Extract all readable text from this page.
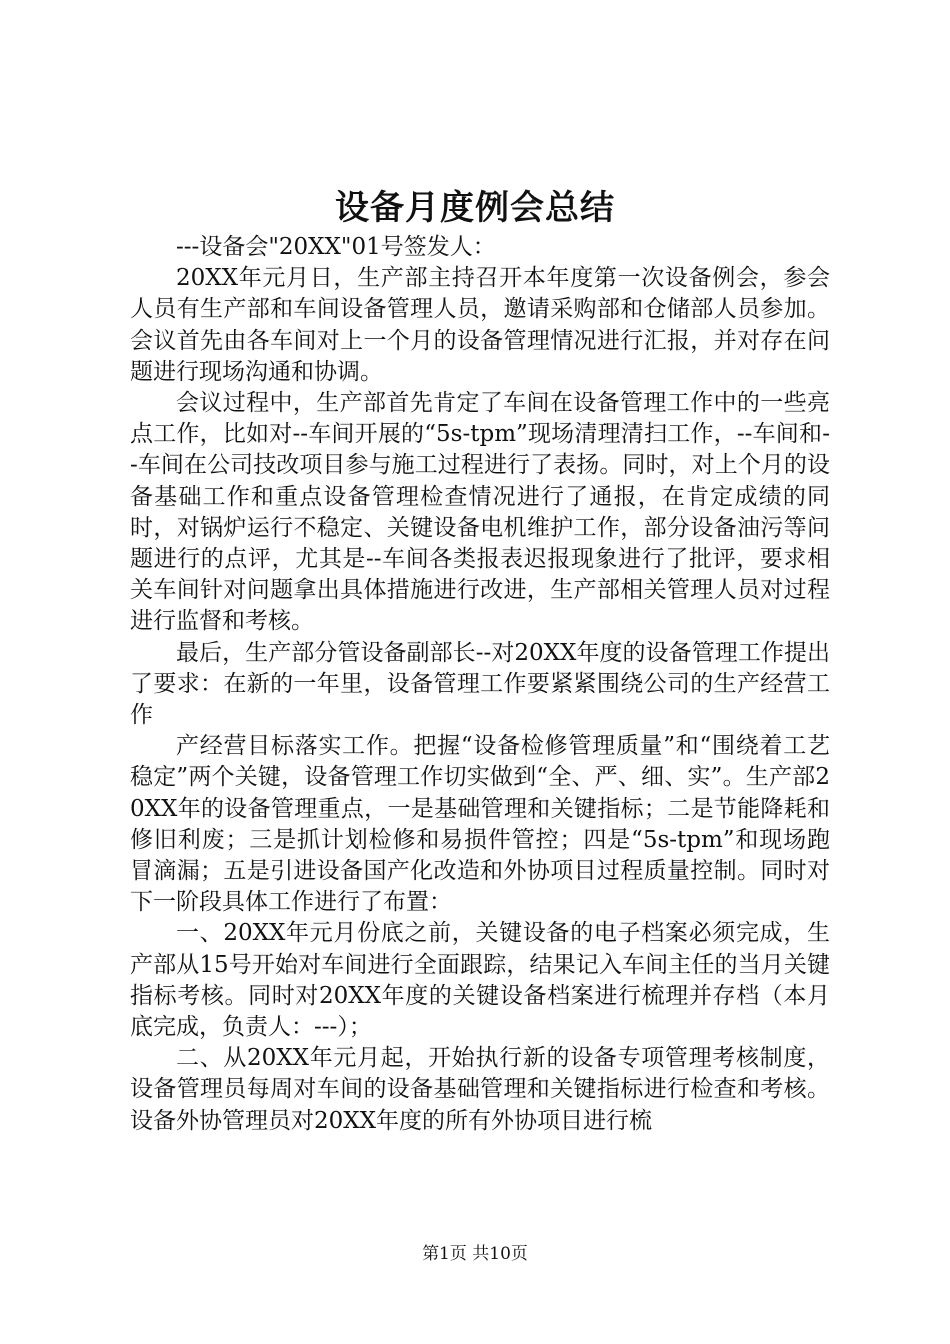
设备月度例会总结

---设备会"20XX"01号签发人：

20XX年元月日，生产部主持召开本年度第一次设备例会，参会人员有生产部和车间设备管理人员，邀请采购部和仓储部人员参加。会议首先由各车间对上一个月的设备管理情况进行汇报，并对存在问题进行现场沟通和协调。

会议过程中，生产部首先肯定了车间在设备管理工作中的一些亮点工作，比如对--车间开展的“5s-tpm”现场清理清扫工作，--车间和--车间在公司技改项目参与施工过程进行了表扬。同时，对上个月的设备基础工作和重点设备管理检查情况进行了通报，在肯定成绩的同时，对锅炉运行不稳定、关键设备电机维护工作，部分设备油污等问题进行的点评，尤其是--车间各类报表迟报现象进行了批评，要求相关车间针对问题拿出具体措施进行改进，生产部相关管理人员对过程进行监督和考核。

最后，生产部分管设备副部长--对20XX年度的设备管理工作提出了要求：在新的一年里，设备管理工作要紧紧围绕公司的生产经营工作

产经营目标落实工作。把握“设备检修管理质量”和“围绕着工艺稳定”两个关键，设备管理工作切实做到“全、严、细、实”。生产部20XX年的设备管理重点，一是基础管理和关键指标；二是节能降耗和修旧利废；三是抓计划检修和易损件管控；四是“5s-tpm”和现场跑冒滴漏；五是引进设备国产化改造和外协项目过程质量控制。同时对下一阶段具体工作进行了布置：

一、20XX年元月份底之前，关键设备的电子档案必须完成，生产部从15号开始对车间进行全面跟踪，结果记入车间主任的当月关键指标考核。同时对20XX年度的关键设备档案进行梳理并存档（本月底完成，负责人：---）；

二、从20XX年元月起，开始执行新的设备专项管理考核制度，设备管理员每周对车间的设备基础管理和关键指标进行检查和考核。设备外协管理员对20XX年度的所有外协项目进行梳

第1页 共10页
